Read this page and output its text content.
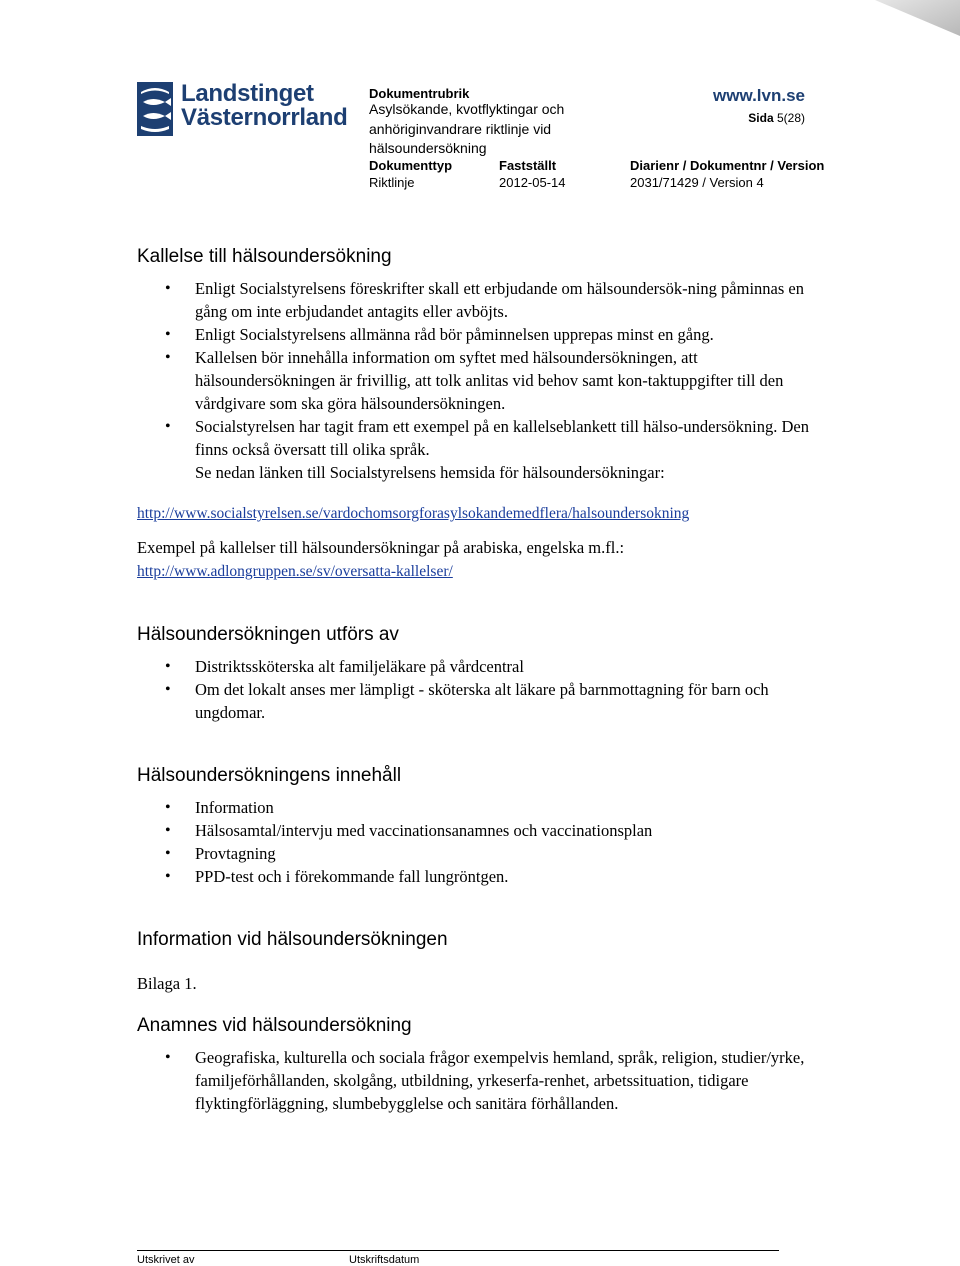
Landstinget
Västernorrland
Dokumentrubrik
Asylsökande, kvotflyktingar och
anhöriginvandrare riktlinje vid
hälsoundersökning
Dokumenttyp
Riktlinje
Fastställt
2012-05-14
Diarienr / Dokumentnr / Version
2031/71429 / Version 4
www.lvn.se
Sida 5(28)
Kallelse till hälsoundersökning
• Enligt Socialstyrelsens föreskrifter skall ett erbjudande om hälsoundersök-ning påminnas en gång om inte erbjudandet antagits eller avböjts.
• Enligt Socialstyrelsens allmänna råd bör påminnelsen upprepas minst en gång.
• Kallelsen bör innehålla information om syftet med hälsoundersökningen, att hälsoundersökningen är frivillig, att tolk anlitas vid behov samt kon-taktuppgifter till den vårdgivare som ska göra hälsoundersökningen.
• Socialstyrelsen har tagit fram ett exempel på en kallelseblankett till hälso-undersökning. Den finns också översatt till olika språk.

Se nedan länken till Socialstyrelsens hemsida för hälsoundersökningar:

http://www.socialstyrelsen.se/vardochomsorgforasylsokandemedflera/halsoundersokning

Exempel på kallelser till hälsoundersökningar på arabiska, engelska m.fl.:

http://www.adlongruppen.se/sv/oversatta-kallelser/

Hälsoundersökningen utförs av
• Distriktssköterska alt familjeläkare på vårdcentral
• Om det lokalt anses mer lämpligt - sköterska alt läkare på barnmottagning för barn och ungdomar.
Hälsoundersökningens innehåll
• Information
• Hälsosamtal/intervju med vaccinationsanamnes och vaccinationsplan
• Provtagning
• PPD-test och i förekommande fall lungröntgen.
Information vid hälsoundersökningen

Bilaga 1.

Anamnes vid hälsoundersökning
• Geografiska, kulturella och sociala frågor exempelvis hemland, språk, religion, studier/yrke, familjeförhållanden, skolgång, utbildning, yrkeserfa-renhet, arbetssituation, tidigare flyktingförläggning, slumbebygglelse och sanitära förhållanden.
Utskrivet av	Utskriftsdatum
